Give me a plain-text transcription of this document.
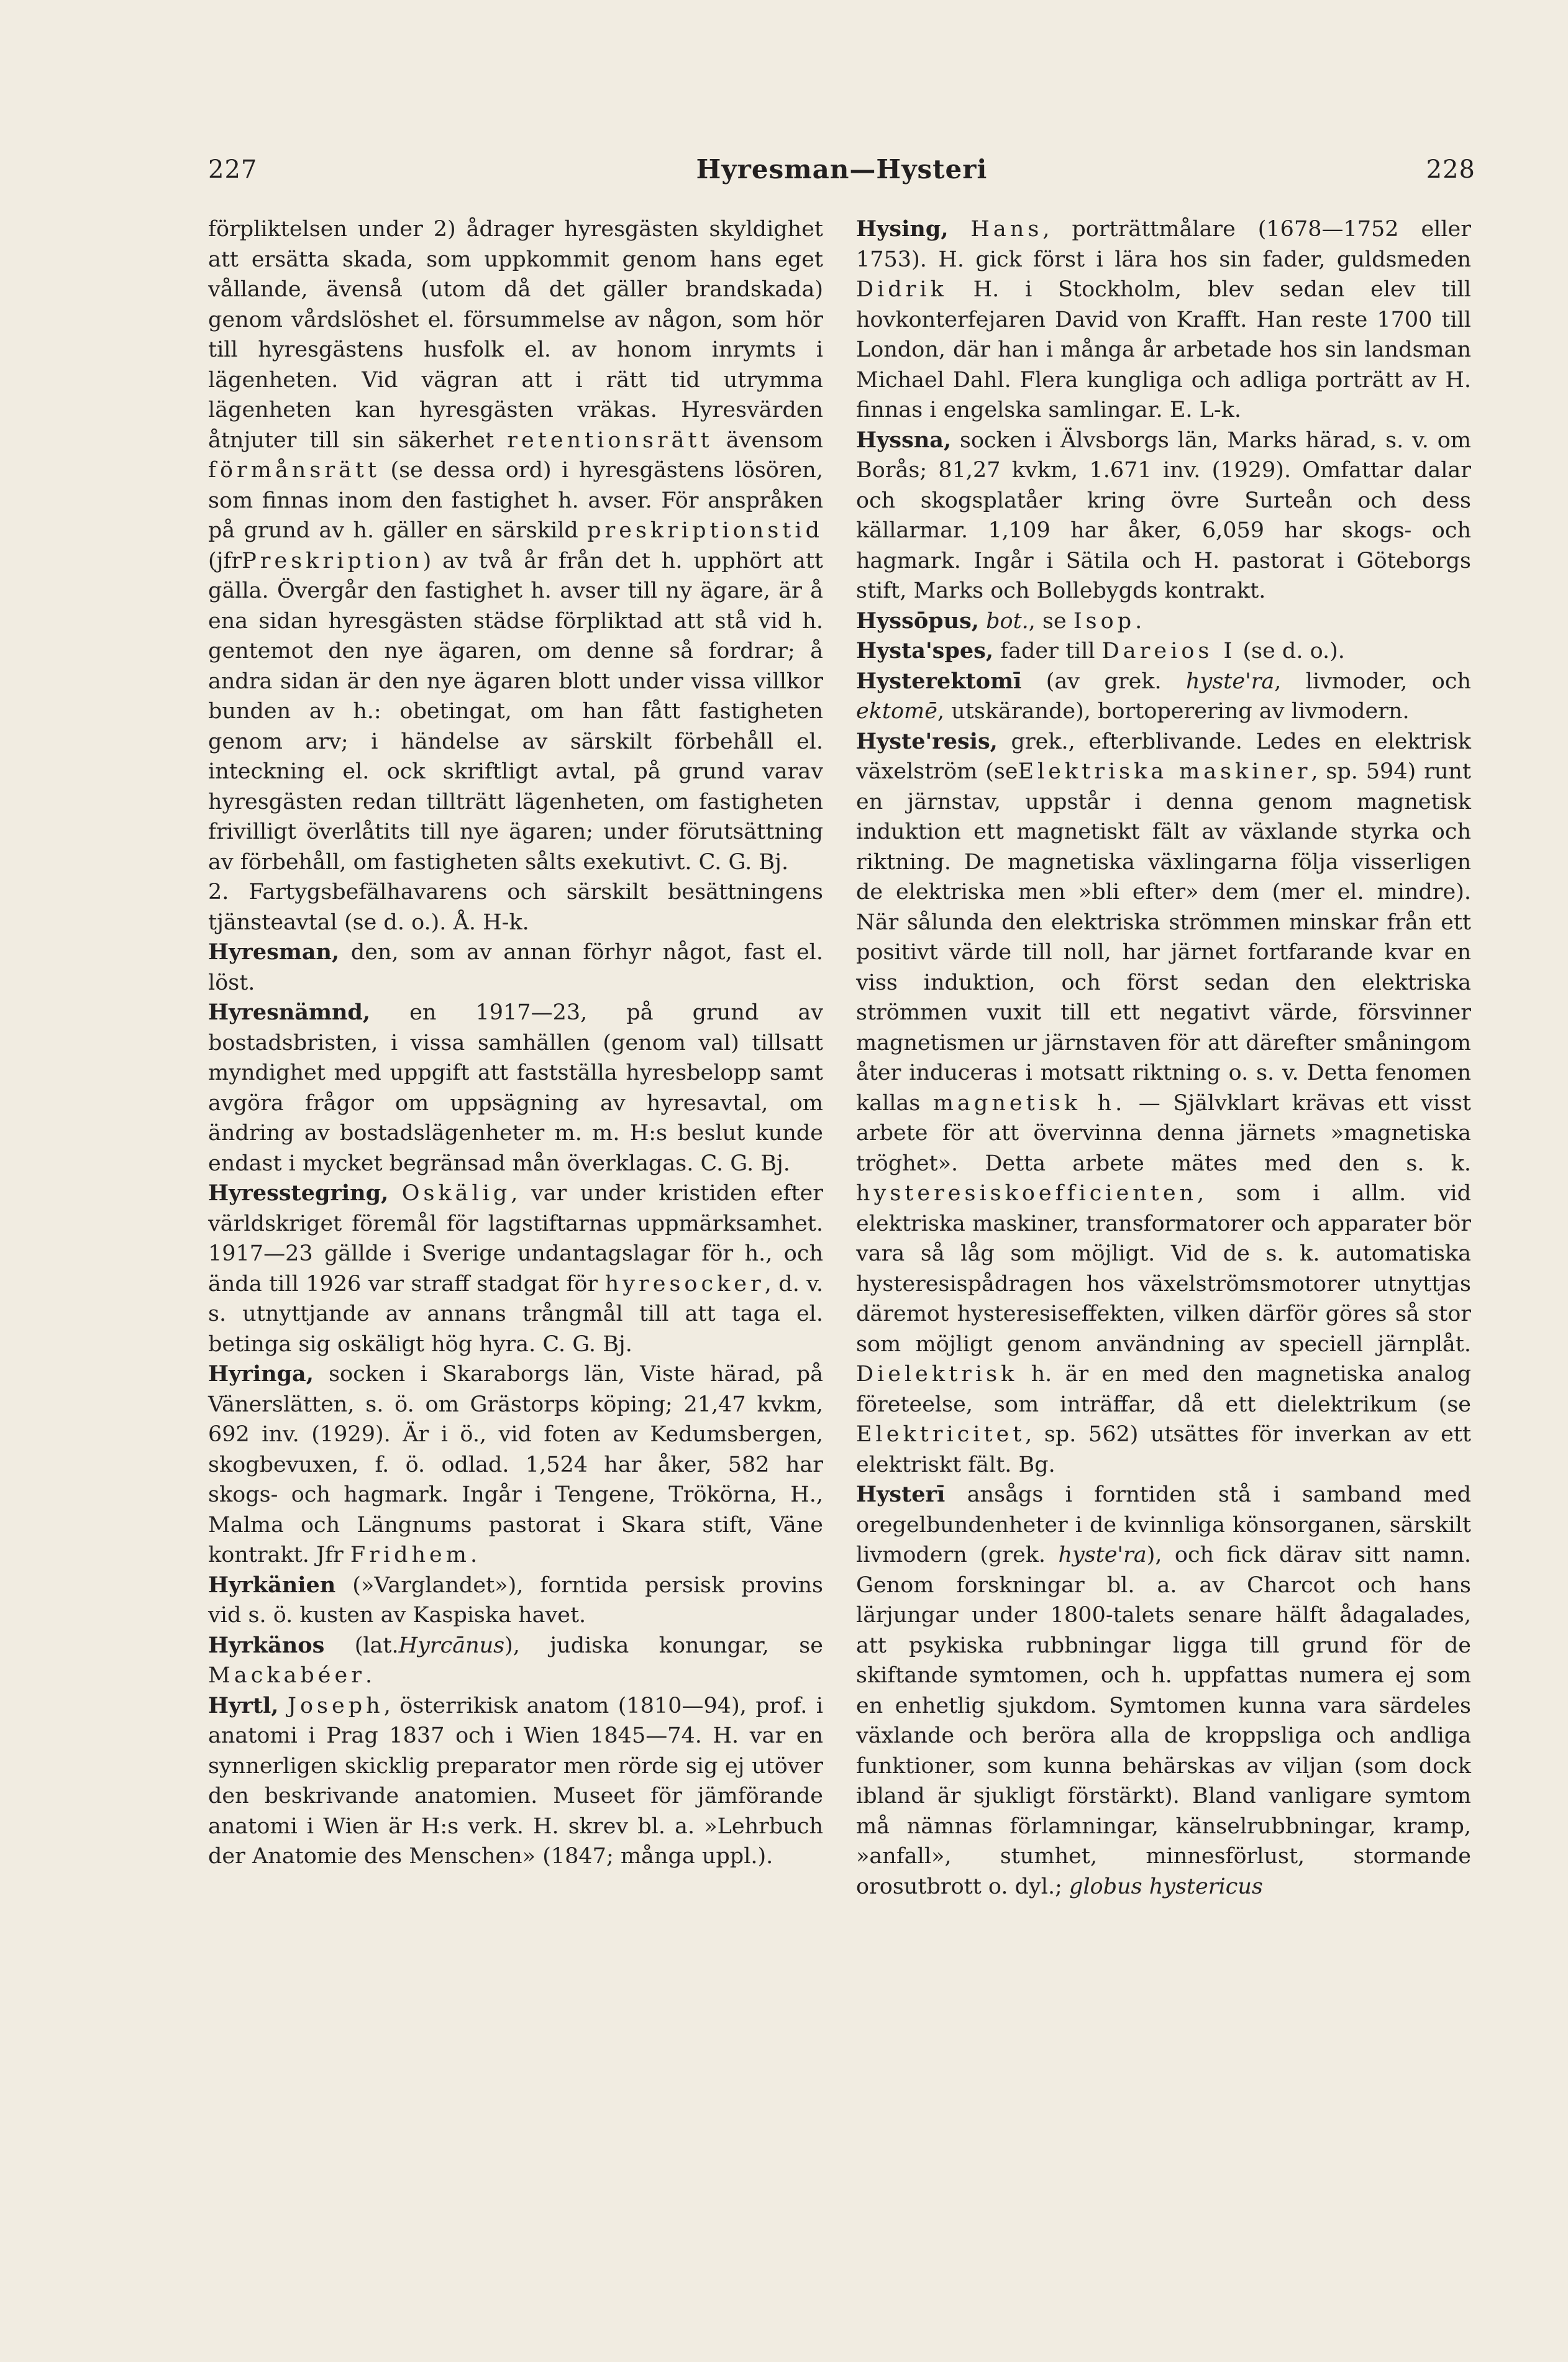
227	Hyresman—Hysteri	228

förpliktelsen under 2) ådrager hyresgästen skyldighet att ersätta skada, som uppkommit genom hans eget vållande, ävenså (utom då det gäller brandskada) genom vårdslöshet el. försummelse av någon, som hör till hyresgästens husfolk el. av honom inrymts i lägenheten. Vid vägran att i rätt tid utrymma lägenheten kan hyresgästen vräkas. Hyresvärden åtnjuter till sin säkerhet retentionsrätt ävensom förmånsrätt (se dessa ord) i hyresgästens lösören, som finnas inom den fastighet h. avser. För anspråken på grund av h. gäller en särskild preskriptionstid (jfrPreskription) av två år från det h. upphört att gälla. Övergår den fastighet h. avser till ny ägare, är å ena sidan hyresgästen städse förpliktad att stå vid h. gentemot den nye ägaren, om denne så fordrar; å andra sidan är den nye ägaren blott under vissa villkor bunden av h.: obetingat, om han fått fastigheten genom arv; i händelse av särskilt förbehåll el. inteckning el. ock skriftligt avtal, på grund varav hyresgästen redan tillträtt lägenheten, om fastigheten frivilligt överlåtits till nye ägaren; under förutsättning av förbehåll, om fastigheten sålts exekutivt. C. G. Bj.

2. Fartygsbefälhavarens och särskilt besättningens tjänsteavtal (se d. o.). Å. H-k.

Hyresman, den, som av annan förhyr något, fast el. löst.

Hyresnämnd, en 1917—23, på grund av bostadsbristen, i vissa samhällen (genom val) tillsatt myndighet med uppgift att fastställa hyresbelopp samt avgöra frågor om uppsägning av hyresavtal, om ändring av bostadslägenheter m. m. H:s beslut kunde endast i mycket begränsad mån överklagas. C. G. Bj.

Hyresstegring, Oskälig, var under kristiden efter världskriget föremål för lagstiftarnas uppmärksamhet. 1917—23 gällde i Sverige undantagslagar för h., och ända till 1926 var straff stadgat för hyresocker, d. v. s. utnyttjande av annans trångmål till att taga el. betinga sig oskäligt hög hyra. C. G. Bj.

Hyringa, socken i Skaraborgs län, Viste härad, på Vänerslätten, s. ö. om Grästorps köping; 21,47 kvkm, 692 inv. (1929). Är i ö., vid foten av Kedumsbergen, skogbevuxen, f. ö. odlad. 1,524 har åker, 582 har skogs- och hagmark. Ingår i Tengene, Trökörna, H., Malma och Längnums pastorat i Skara stift, Väne kontrakt. Jfr Fridhem.

Hyrkänien (»Varglandet»), forntida persisk provins vid s. ö. kusten av Kaspiska havet.

Hyrkänos (lat.Hyrcānus), judiska konungar, se Mackabéer.

Hyrtl, Joseph, österrikisk anatom (1810—94), prof. i anatomi i Prag 1837 och i Wien 1845—74. H. var en synnerligen skicklig preparator men rörde sig ej utöver den beskrivande anatomien. Museet för jämförande anatomi i Wien är H:s verk. H. skrev bl. a. »Lehrbuch der Anatomie des Menschen» (1847; många uppl.).

Hysing, Hans, porträttmålare (1678—1752 eller 1753). H. gick först i lära hos sin fader, guldsmeden Didrik H. i Stockholm, blev sedan elev till hovkonterfejaren David von Krafft. Han reste 1700 till London, där han i många år arbetade hos sin landsman Michael Dahl. Flera kungliga och adliga porträtt av H. finnas i engelska samlingar. E. L-k.

Hyssna, socken i Älvsborgs län, Marks härad, s. v. om Borås; 81,27 kvkm, 1.671 inv. (1929). Omfattar dalar och skogsplatåer kring övre Surteån och dess källarmar. 1,109 har åker, 6,059 har skogs- och hagmark. Ingår i Sätila och H. pastorat i Göteborgs stift, Marks och Bollebygds kontrakt.

Hyssōpus, bot., se Isop.

Hysta'spes, fader till Dareios I (se d. o.).

Hysterektomī (av grek. hyste'ra, livmoder, och ektomē, utskärande), bortoperering av livmodern.

Hyste'resis, grek., efterblivande. Ledes en elektrisk växelström (seElektriska maskiner, sp. 594) runt en järnstav, uppstår i denna genom magnetisk induktion ett magnetiskt fält av växlande styrka och riktning. De magnetiska växlingarna följa visserligen de elektriska men »bli efter» dem (mer el. mindre). När sålunda den elektriska strömmen minskar från ett positivt värde till noll, har järnet fortfarande kvar en viss induktion, och först sedan den elektriska strömmen vuxit till ett negativt värde, försvinner magnetismen ur järnstaven för att därefter småningom åter induceras i motsatt riktning o. s. v. Detta fenomen kallas magnetisk h. — Självklart krävas ett visst arbete för att övervinna denna järnets »magnetiska tröghet». Detta arbete mätes med den s. k. hysteresiskoefficienten, som i allm. vid elektriska maskiner, transformatorer och apparater bör vara så låg som möjligt. Vid de s. k. automatiska hysteresispådragen hos växelströmsmotorer utnyttjas däremot hysteresiseffekten, vilken därför göres så stor som möjligt genom användning av speciell järnplåt. Dielektrisk h. är en med den magnetiska analog företeelse, som inträffar, då ett dielektrikum (se Elektricitet, sp. 562) utsättes för inverkan av ett elektriskt fält. Bg.

Hysterī ansågs i forntiden stå i samband med oregelbundenheter i de kvinnliga könsorganen, särskilt livmodern (grek. hyste'ra), och fick därav sitt namn. Genom forskningar bl. a. av Charcot och hans lärjungar under 1800-talets senare hälft ådagalades, att psykiska rubbningar ligga till grund för de skiftande symtomen, och h. uppfattas numera ej som en enhetlig sjukdom. Symtomen kunna vara särdeles växlande och beröra alla de kroppsliga och andliga funktioner, som kunna behärskas av viljan (som dock ibland är sjukligt förstärkt). Bland vanligare symtom må nämnas förlamningar, känselrubbningar, kramp, »anfall», stumhet, minnesförlust, stormande orosutbrott o. dyl.; globus hystericus
